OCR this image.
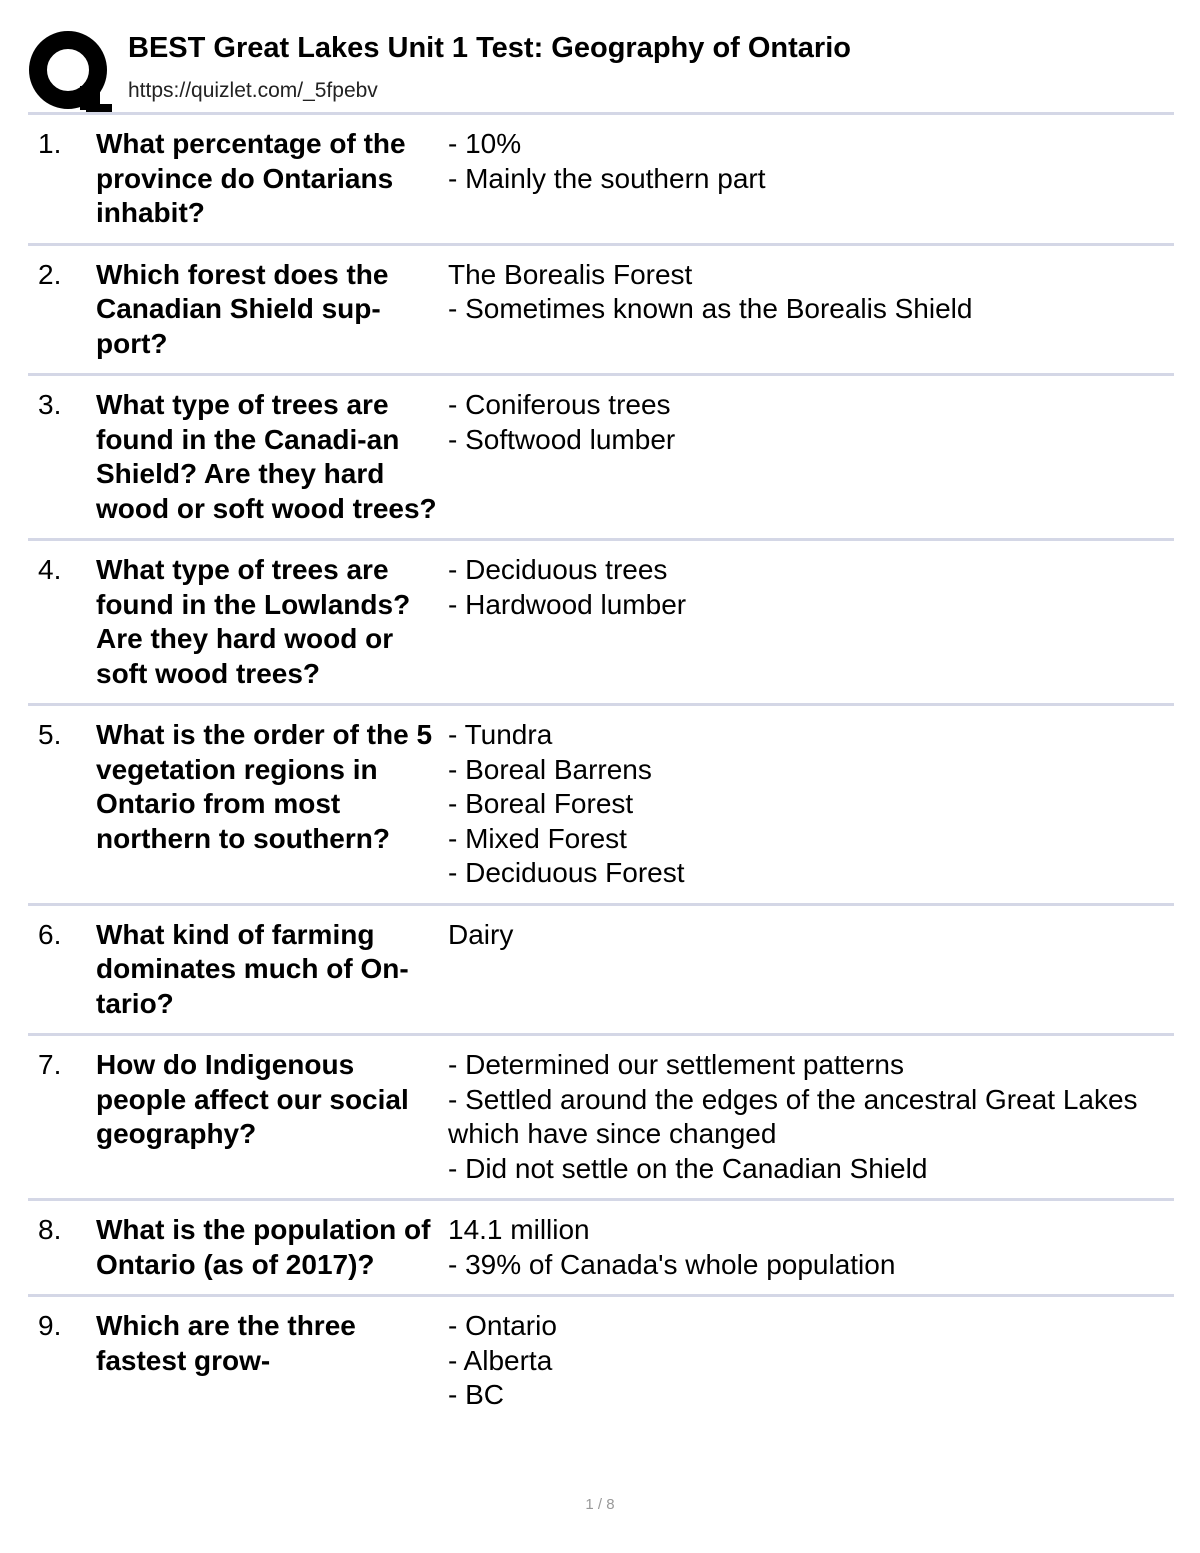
BEST Great Lakes Unit 1 Test: Geography of Ontario
https://quizlet.com/_5fpebv
1.	What percentage of the province do Ontarians inhabit?
- 10%
- Mainly the southern part
2.	Which forest does the Canadian Shield sup-port?
The Borealis Forest
- Sometimes known as the Borealis Shield
3.	What type of trees are found in the Canadi-an Shield? Are they hard wood or soft wood trees?
- Coniferous trees
- Softwood lumber
4.	What type of trees are found in the Lowlands? Are they hard wood or soft wood trees?
- Deciduous trees
- Hardwood lumber
5.	What is the order of the 5 vegetation regions in Ontario from most northern to southern?
- Tundra
- Boreal Barrens
- Boreal Forest
- Mixed Forest
- Deciduous Forest
6.	What kind of farming dominates much of On-tario?
Dairy
7.	How do Indigenous people affect our social geography?
- Determined our settlement patterns
- Settled around the edges of the ancestral Great Lakes which have since changed
- Did not settle on the Canadian Shield
8.	What is the population of Ontario (as of 2017)?
14.1 million
- 39% of Canada's whole population
9.	Which are the three fastest grow-
- Ontario
- Alberta
- BC
1 / 8
